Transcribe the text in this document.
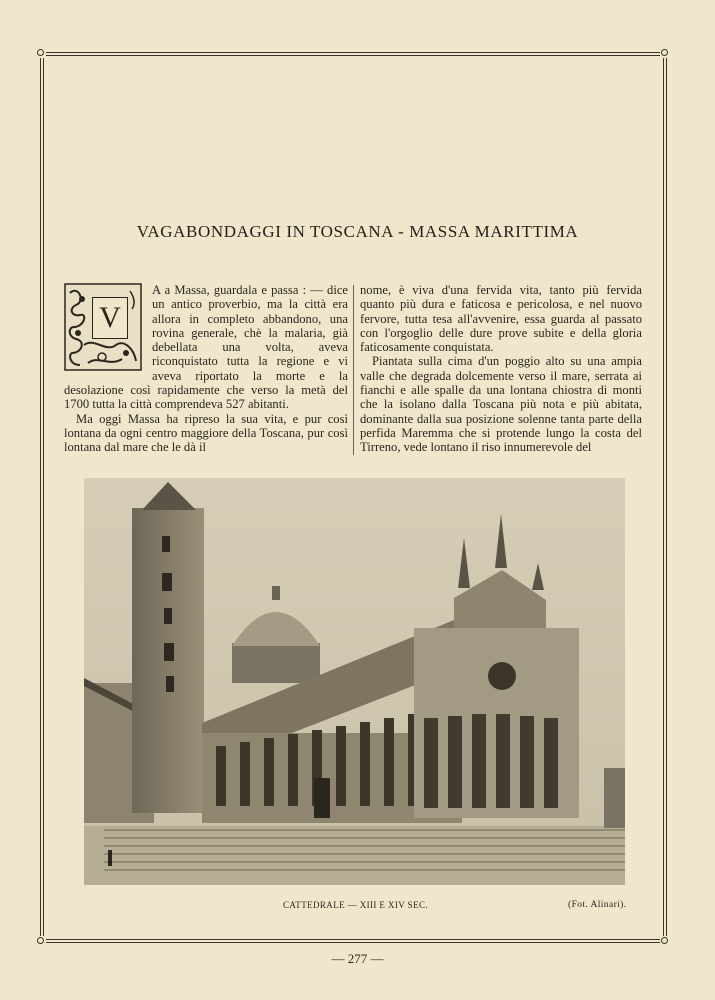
VAGABONDAGGI IN TOSCANA - MASSA MARITTIMA
V

A a Massa, guardala e passa : — dice un antico proverbio, ma la città era allora in completo abbandono, una rovina generale, chè la malaria, già debellata una volta, aveva riconquistato tutta la regione e vi aveva riportato la morte e la desolazione così rapidamente che verso la metà del 1700 tutta la città comprendeva 527 abitanti.

Ma oggi Massa ha ripreso la sua vita, e pur così lontana da ogni centro maggiore della Toscana, pur così lontana dal mare che le dà il

nome, è viva d'una fervida vita, tanto più fervida quanto più dura e faticosa e pericolosa, e nel nuovo fervore, tutta tesa all'avvenire, essa guarda al passato con l'orgoglio delle dure prove subite e della gloria faticosamente conquistata.

Piantata sulla cima d'un poggio alto su una ampia valle che degrada dolcemente verso il mare, serrata ai fianchi e alle spalle da una lontana chiostra di monti che la isolano dalla Toscana più nota e più abitata, dominante dalla sua posizione solenne tanta parte della perfida Maremma che si protende lungo la costa del Tirreno, vede lontano il riso innumerevole del

CATTEDRALE — XIII E XIV SEC.	(Fot. Alinari).
— 277 —
